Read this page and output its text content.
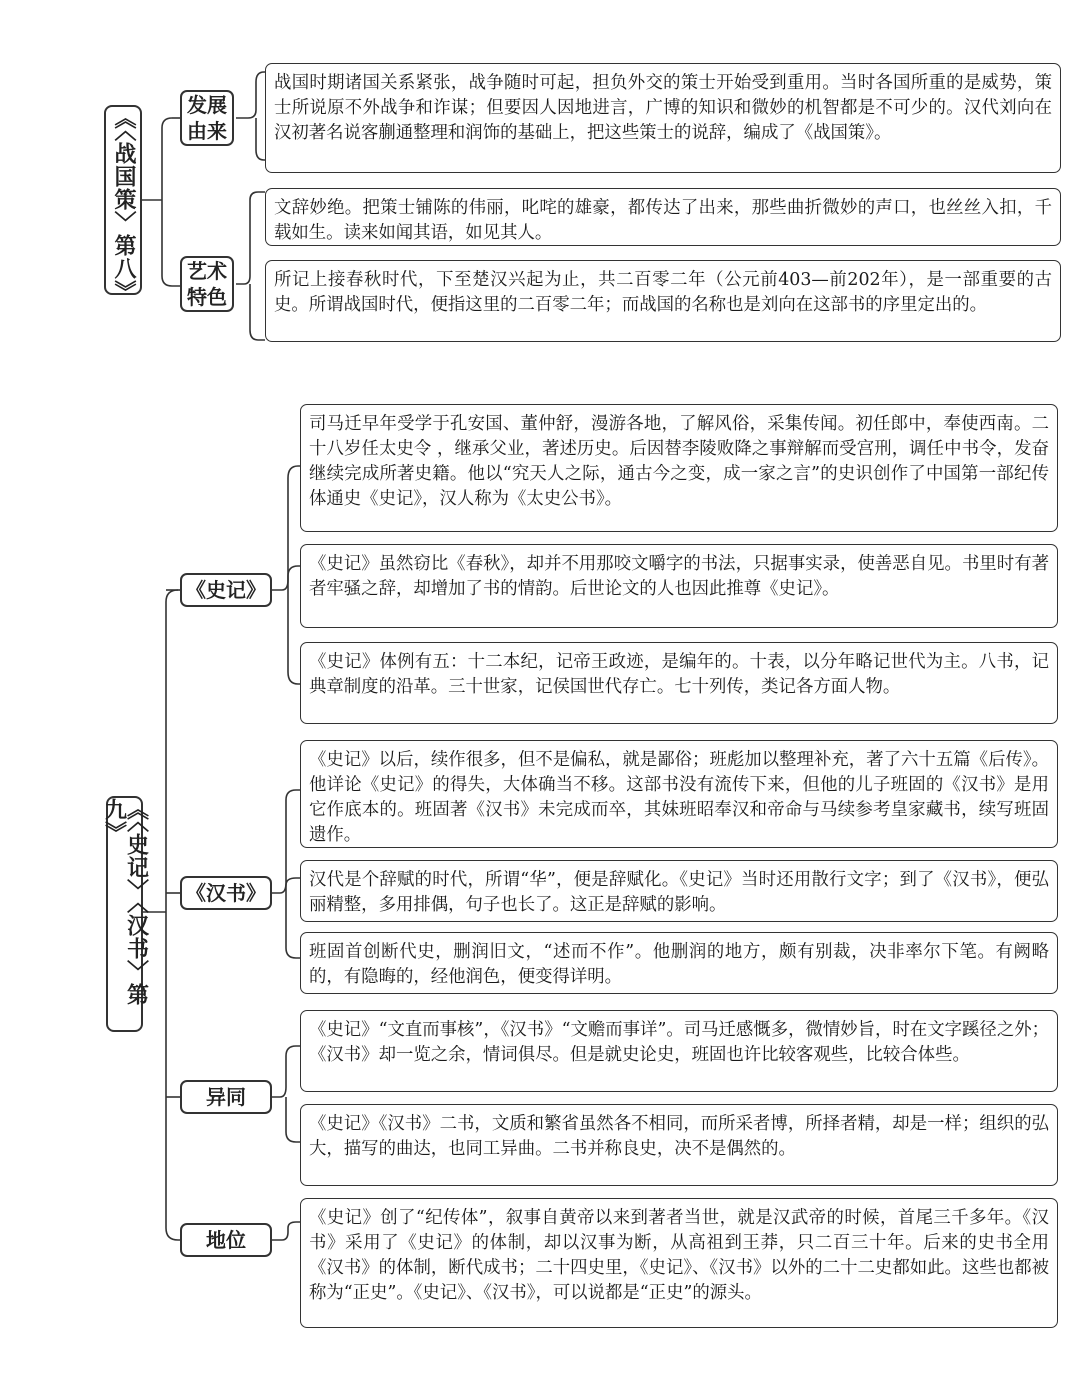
《〈战国策〉第八》
发展由来
战国时期诸国关系紧张，战争随时可起，担负外交的策士开始受到重用。当时各国所重的是威势，策士所说原不外战争和诈谋；但要因人因地进言，广博的知识和微妙的机智都是不可少的。汉代刘向在汉初著名说客蒯通整理和润饰的基础上，把这些策士的说辞，编成了《战国策》。
艺术特色
文辞妙绝。把策士铺陈的伟丽，叱咤的雄豪，都传达了出来，那些曲折微妙的声口，也丝丝入扣，千载如生。读来如闻其语，如见其人。
所记上接春秋时代，下至楚汉兴起为止，共二百零二年（公元前403—前202年），是一部重要的古史。所谓战国时代，便指这里的二百零二年；而战国的名称也是刘向在这部书的序里定出的。
《〈史记〉〈汉书〉第九》
《史记》
司马迁早年受学于孔安国、董仲舒，漫游各地，了解风俗，采集传闻。初任郎中，奉使西南。二十八岁任太史令 ，继承父业，著述历史。后因替李陵败降之事辩解而受宫刑，调任中书令，发奋继续完成所著史籍。他以“究天人之际，通古今之变，成一家之言”的史识创作了中国第一部纪传体通史《史记》，汉人称为《太史公书》。
《史记》虽然窃比《春秋》，却并不用那咬文嚼字的书法，只据事实录，使善恶自见。书里时有著者牢骚之辞，却增加了书的情韵。后世论文的人也因此推尊《史记》。
《史记》体例有五：十二本纪，记帝王政迹，是编年的。十表，以分年略记世代为主。八书，记典章制度的沿革。三十世家，记侯国世代存亡。七十列传，类记各方面人物。
《汉书》
《史记》以后，续作很多，但不是偏私，就是鄙俗；班彪加以整理补充，著了六十五篇《后传》。他详论《史记》的得失，大体确当不移。这部书没有流传下来，但他的儿子班固的《汉书》是用它作底本的。班固著《汉书》未完成而卒，其妹班昭奉汉和帝命与马续参考皇家藏书，续写班固遗作。
汉代是个辞赋的时代，所谓“华”，便是辞赋化。《史记》当时还用散行文字；到了《汉书》，便弘丽精整，多用排偶，句子也长了。这正是辞赋的影响。
班固首创断代史，删润旧文，“述而不作”。他删润的地方，颇有别裁，决非率尔下笔。有阙略的，有隐晦的，经他润色，便变得详明。
异同
《史记》“文直而事核”，《汉书》“文赡而事详”。司马迁感慨多，微情妙旨，时在文字蹊径之外；《汉书》却一览之余，情词俱尽。但是就史论史，班固也许比较客观些，比较合体些。
《史记》《汉书》二书，文质和繁省虽然各不相同，而所采者博，所择者精，却是一样；组织的弘大，描写的曲达，也同工异曲。二书并称良史，决不是偶然的。
地位
《史记》创了“纪传体”，叙事自黄帝以来到著者当世，就是汉武帝的时候，首尾三千多年。《汉书》采用了《史记》的体制，却以汉事为断，从高祖到王莽，只二百三十年。后来的史书全用《汉书》的体制，断代成书；二十四史里，《史记》、《汉书》以外的二十二史都如此。这些也都被称为“正史”。《史记》、《汉书》，可以说都是“正史”的源头。
